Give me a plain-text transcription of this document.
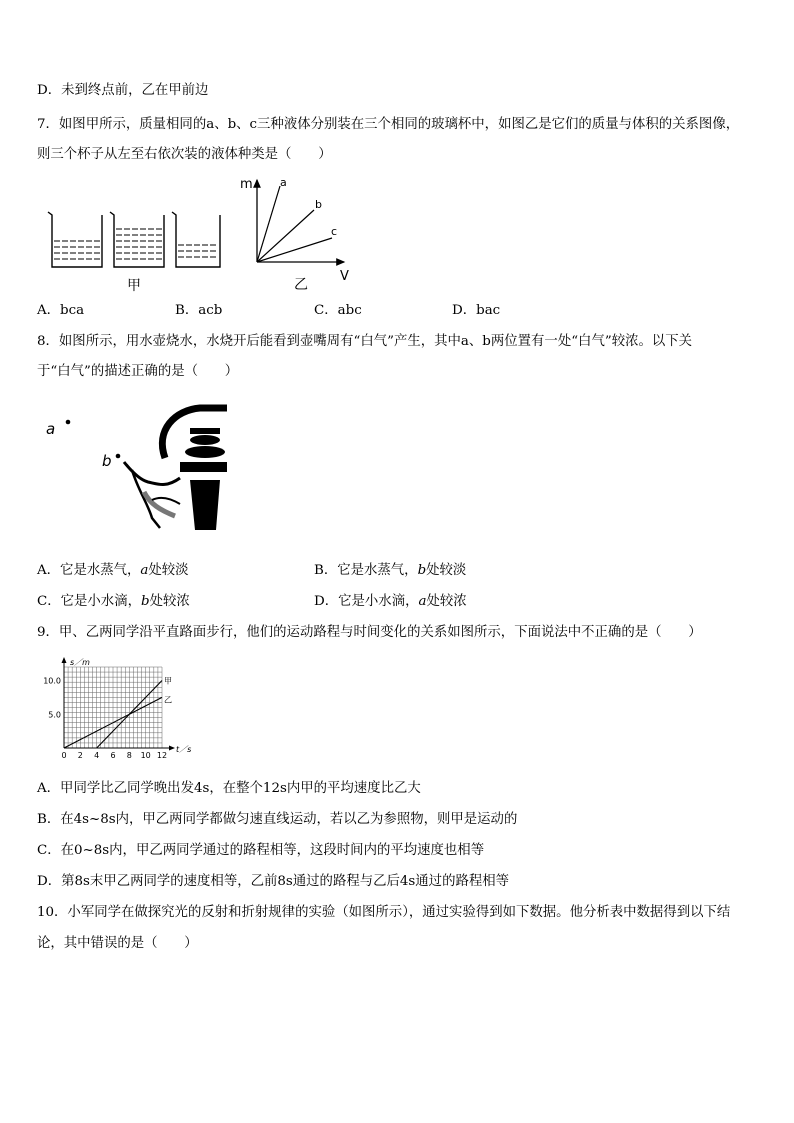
D．未到终点前，乙在甲前边
7．如图甲所示，质量相同的a、b、c三种液体分别装在三个相同的玻璃杯中，如图乙是它们的质量与体积的关系图像，
则三个杯子从左至右依次装的液体种类是（　　）
甲
m a
b
c
V
乙
A．bca	B．acb	C．abc	D．bac
8．如图所示，用水壶烧水，水烧开后能看到壶嘴周有“白气”产生，其中a、b两位置有一处“白气”较浓。以下关
于“白气”的描述正确的是（　　）
a
b
A．它是水蒸气，a处较淡	B．它是水蒸气，b处较淡
C．它是小水滴，b处较浓	D．它是小水滴，a处较浓
9．甲、乙两同学沿平直路面步行，他们的运动路程与时间变化的关系如图所示，下面说法中不正确的是（　　）
s／m
t／s
0 2 4 6 8 10 12
5.0
10.0	甲
乙
A．甲同学比乙同学晚出发4s，在整个12s内甲的平均速度比乙大
B．在4s~8s内，甲乙两同学都做匀速直线运动，若以乙为参照物，则甲是运动的
C．在0~8s内，甲乙两同学通过的路程相等，这段时间内的平均速度也相等
D．第8s末甲乙两同学的速度相等，乙前8s通过的路程与乙后4s通过的路程相等
10．小军同学在做探究光的反射和折射规律的实验（如图所示），通过实验得到如下数据。他分析表中数据得到以下结
论，其中错误的是（　　）
